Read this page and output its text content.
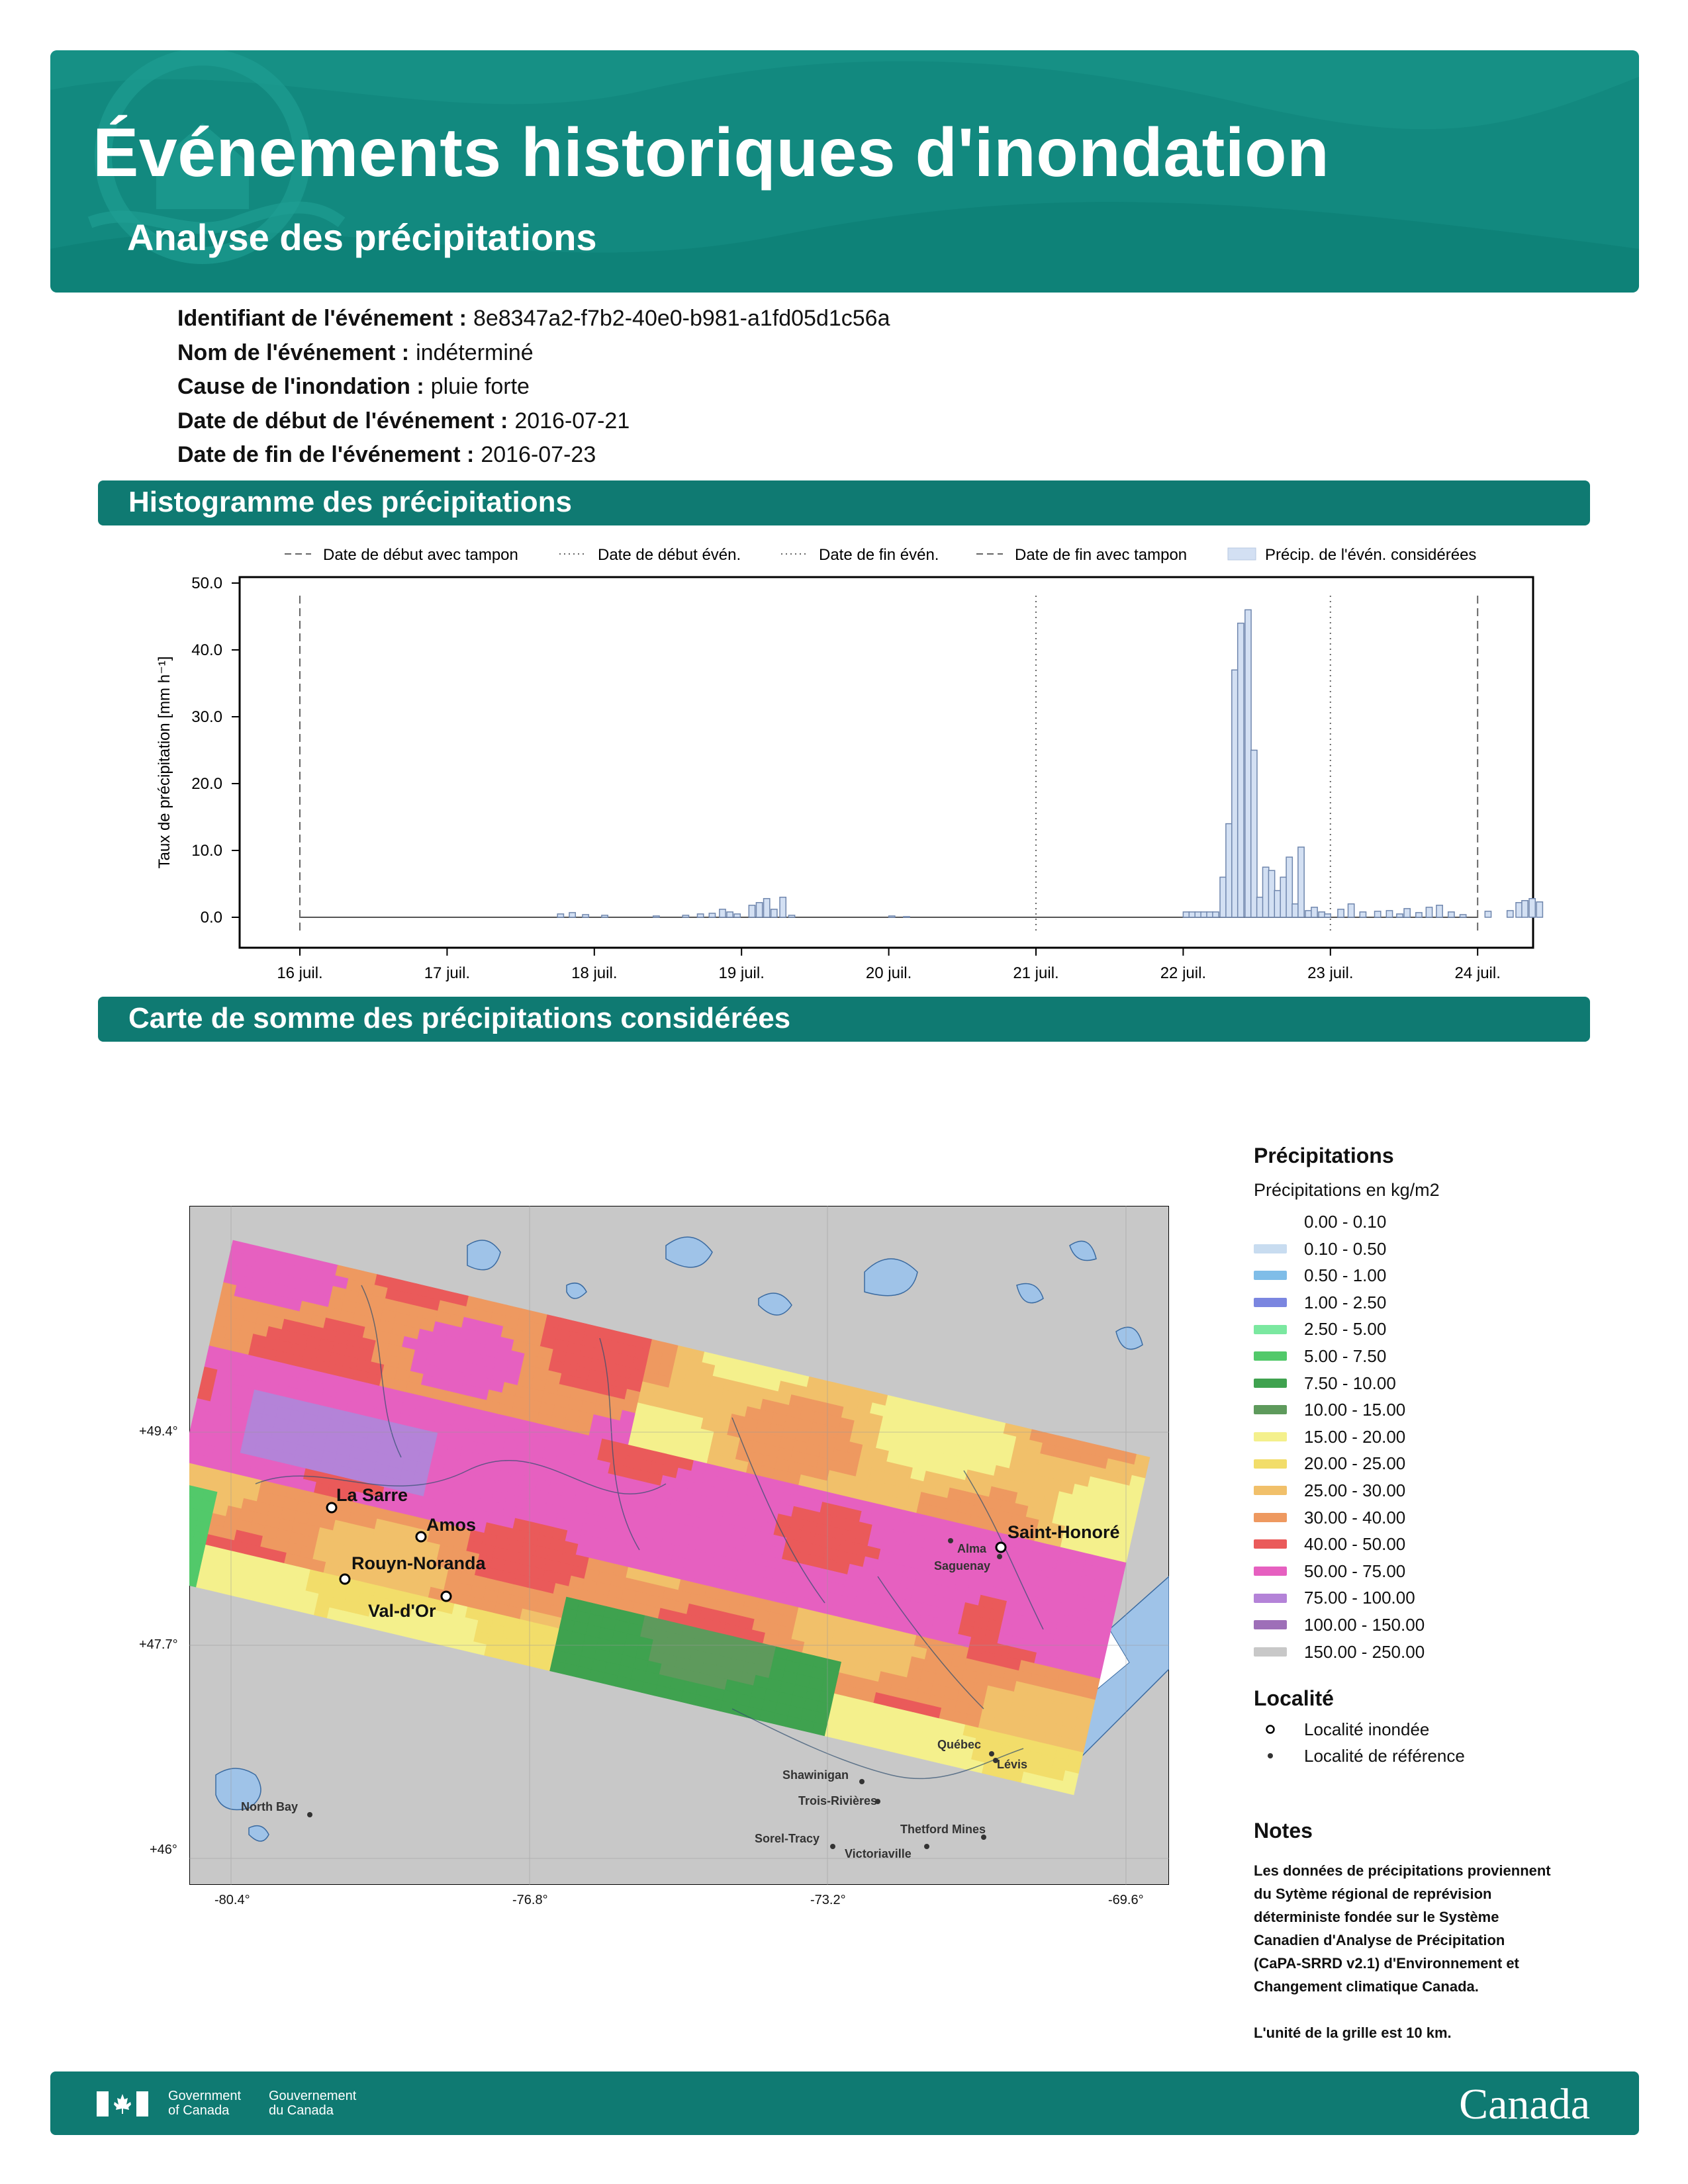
Événements historiques d'inondation
Analyse des précipitations
Identifiant de l'événement : 8e8347a2-f7b2-40e0-b981-a1fd05d1c56a
Nom de l'événement : indéterminé
Cause de l'inondation : pluie forte
Date de début de l'événement : 2016-07-21
Date de fin de l'événement : 2016-07-23
Histogramme des précipitations
Date de début avec tampon	Date de début évén.	Date de fin évén.	Date de fin avec tampon	Précip. de l'évén. considérées
0.0
10.0
20.0
30.0
40.0
50.0
16 juil.	17 juil.	18 juil.	19 juil.	20 juil.	21 juil.	22 juil.	23 juil.	24 juil.
Taux de précipitation [mm h⁻¹]
Carte de somme des précipitations considérées
La Sarre
Amos
Rouyn-Noranda
Val-d'Or
Saint-Honoré
Alma
Saguenay
Québec
Lévis
Shawinigan
Trois-Rivières
Thetford Mines
Sorel-Tracy
Victoriaville
North Bay
-80.4°	-76.8°	-73.2°	-69.6°
+49.4°
+47.7°
+46°
Précipitations
Précipitations en kg/m2
0.00 - 0.10
0.10 - 0.50
0.50 - 1.00
1.00 - 2.50
2.50 - 5.00
5.00 - 7.50
7.50 - 10.00
10.00 - 15.00
15.00 - 20.00
20.00 - 25.00
25.00 - 30.00
30.00 - 40.00
40.00 - 50.00
50.00 - 75.00
75.00 - 100.00
100.00 - 150.00
150.00 - 250.00
Localité
Localité inondée
Localité de référence
Notes
Les données de précipitations proviennent
du Sytème régional de reprévision
déterministe fondée sur le Système
Canadien d'Analyse de Précipitation
(CaPA-SRRD v2.1) d'Environnement et
Changement climatique Canada.
L'unité de la grille est 10 km.
Government
of Canada
Gouvernement
du Canada	Canada
